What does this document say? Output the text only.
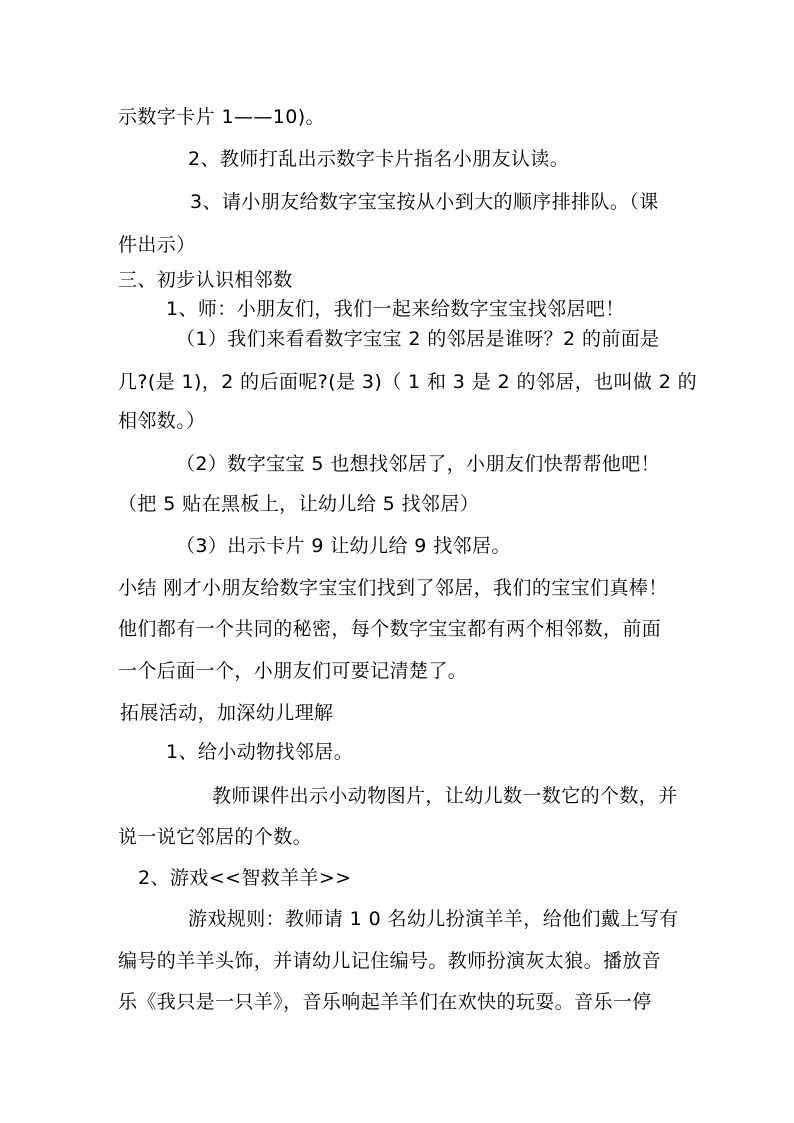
示数字卡片 1——10)。
2、教师打乱出示数字卡片指名小朋友认读。
3、请小朋友给数字宝宝按从小到大的顺序排排队。（课
件出示）
三、初步认识相邻数
1、师：小朋友们，我们一起来给数字宝宝找邻居吧！
（1）我们来看看数字宝宝 2 的邻居是谁呀？2 的前面是
几?(是 1)，2 的后面呢?(是 3)（ 1 和 3 是 2 的邻居，也叫做 2 的
相邻数。）
（2）数字宝宝 5 也想找邻居了，小朋友们快帮帮他吧！
（把 5 贴在黑板上，让幼儿给 5 找邻居）
（3）出示卡片 9 让幼儿给 9 找邻居。
小结 刚才小朋友给数字宝宝们找到了邻居，我们的宝宝们真棒！
他们都有一个共同的秘密，每个数字宝宝都有两个相邻数，前面
一个后面一个，小朋友们可要记清楚了。
拓展活动，加深幼儿理解
1、给小动物找邻居。
教师课件出示小动物图片，让幼儿数一数它的个数，并
说一说它邻居的个数。
2、游戏<<智救羊羊>>
游戏规则：教师请 1 0 名幼儿扮演羊羊，给他们戴上写有
编号的羊羊头饰，并请幼儿记住编号。教师扮演灰太狼。播放音
乐《我只是一只羊》，音乐响起羊羊们在欢快的玩耍。音乐一停
